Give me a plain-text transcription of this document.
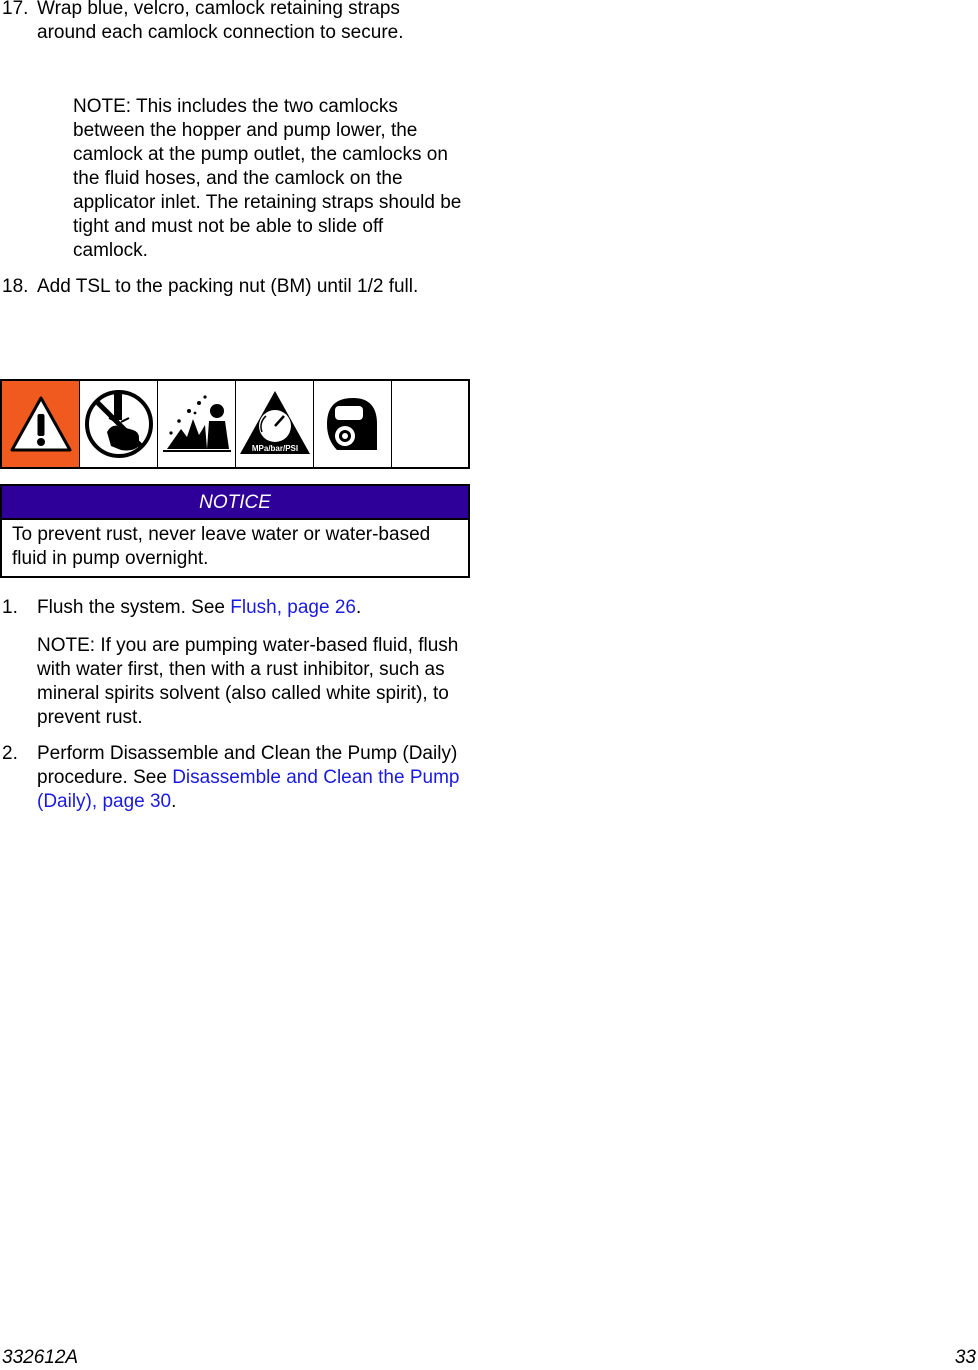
17. Wrap blue, velcro, camlock retaining straps around each camlock connection to secure.
NOTE: This includes the two camlocks between the hopper and pump lower, the camlock at the pump outlet, the camlocks on the fluid hoses, and the camlock on the applicator inlet. The retaining straps should be tight and must not be able to slide off camlock.
18. Add TSL to the packing nut (BM) until 1/2 full.
MPa/bar/PSI
NOTICE
To prevent rust, never leave water or water-based fluid in pump overnight.
1. Flush the system. See Flush, page 26.
NOTE: If you are pumping water-based fluid, flush with water first, then with a rust inhibitor, such as mineral spirits solvent (also called white spirit), to prevent rust.
2. Perform Disassemble and Clean the Pump (Daily) procedure. See Disassemble and Clean the Pump (Daily), page 30.
332612A	33
